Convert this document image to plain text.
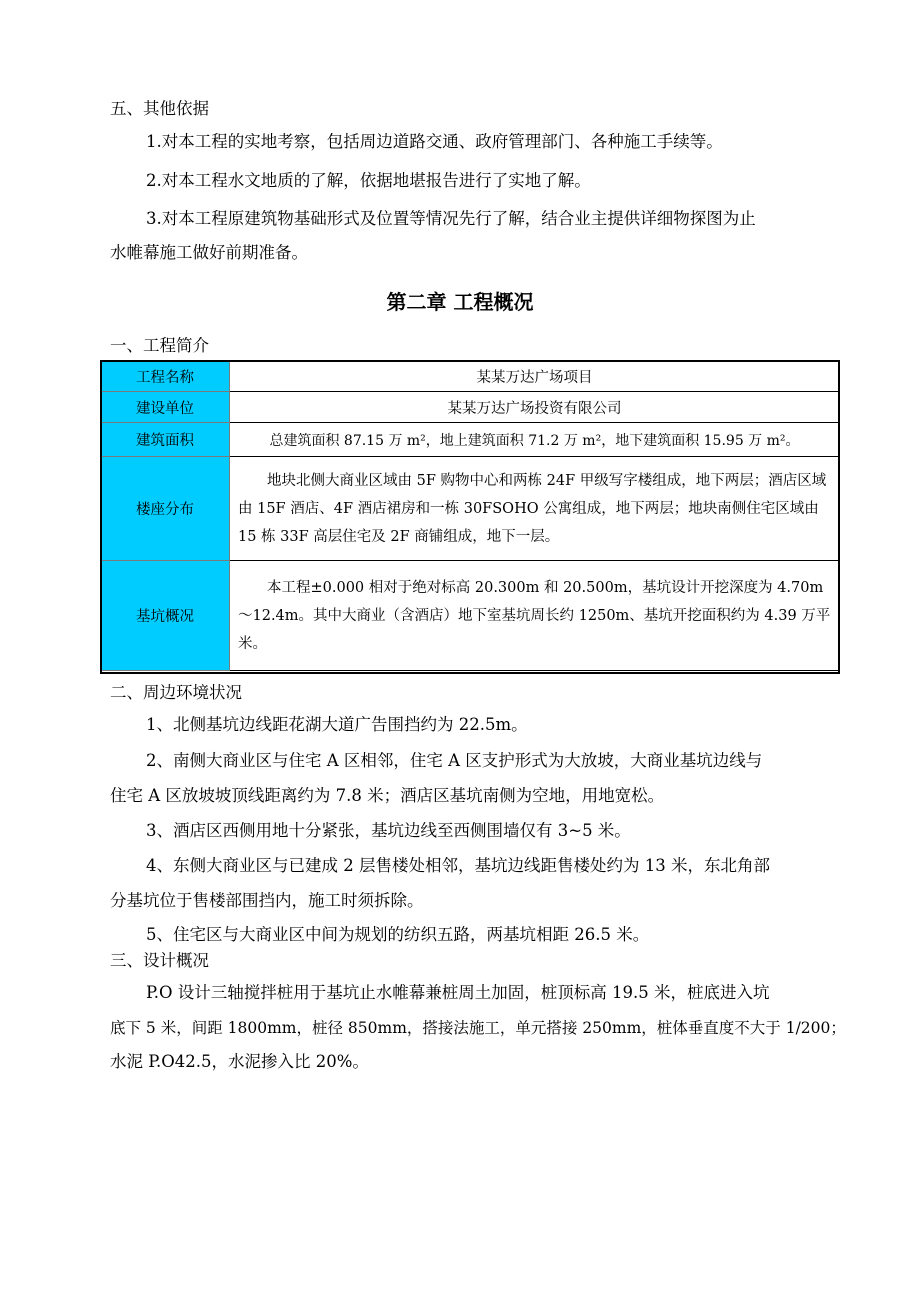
五、其他依据
1.对本工程的实地考察，包括周边道路交通、政府管理部门、各种施工手续等。
2.对本工程水文地质的了解，依据地堪报告进行了实地了解。
3.对本工程原建筑物基础形式及位置等情况先行了解，结合业主提供详细物探图为止
水帷幕施工做好前期准备。
第二章 工程概况
一、工程简介
工程名称	某某万达广场项目
建设单位	某某万达广场投资有限公司
建筑面积	总建筑面积 87.15 万 m²，地上建筑面积 71.2 万 m²，地下建筑面积 15.95 万 m²。
楼座分布	地块北侧大商业区域由 5F 购物中心和两栋 24F 甲级写字楼组成，地下两层；酒店区域由 15F 酒店、4F 酒店裙房和一栋 30FSOHO 公寓组成，地下两层；地块南侧住宅区域由 15 栋 33F 高层住宅及 2F 商铺组成，地下一层。
基坑概况	本工程±0.000 相对于绝对标高 20.300m 和 20.500m，基坑设计开挖深度为 4.70m～12.4m。其中大商业（含酒店）地下室基坑周长约 1250m、基坑开挖面积约为 4.39 万平米。
二、周边环境状况
1、北侧基坑边线距花湖大道广告围挡约为 22.5m。
2、南侧大商业区与住宅 A 区相邻，住宅 A 区支护形式为大放坡，大商业基坑边线与
住宅 A 区放坡坡顶线距离约为 7.8 米；酒店区基坑南侧为空地，用地宽松。
3、酒店区西侧用地十分紧张，基坑边线至西侧围墙仅有 3~5 米。
4、东侧大商业区与已建成 2 层售楼处相邻，基坑边线距售楼处约为 13 米，东北角部
分基坑位于售楼部围挡内，施工时须拆除。
5、住宅区与大商业区中间为规划的纺织五路，两基坑相距 26.5 米。
三、设计概况
P.O 设计三轴搅拌桩用于基坑止水帷幕兼桩周土加固，桩顶标高 19.5 米，桩底进入坑
底下 5 米，间距 1800mm，桩径 850mm，搭接法施工，单元搭接 250mm，桩体垂直度不大于 1/200；
水泥 P.O42.5，水泥掺入比 20%。
